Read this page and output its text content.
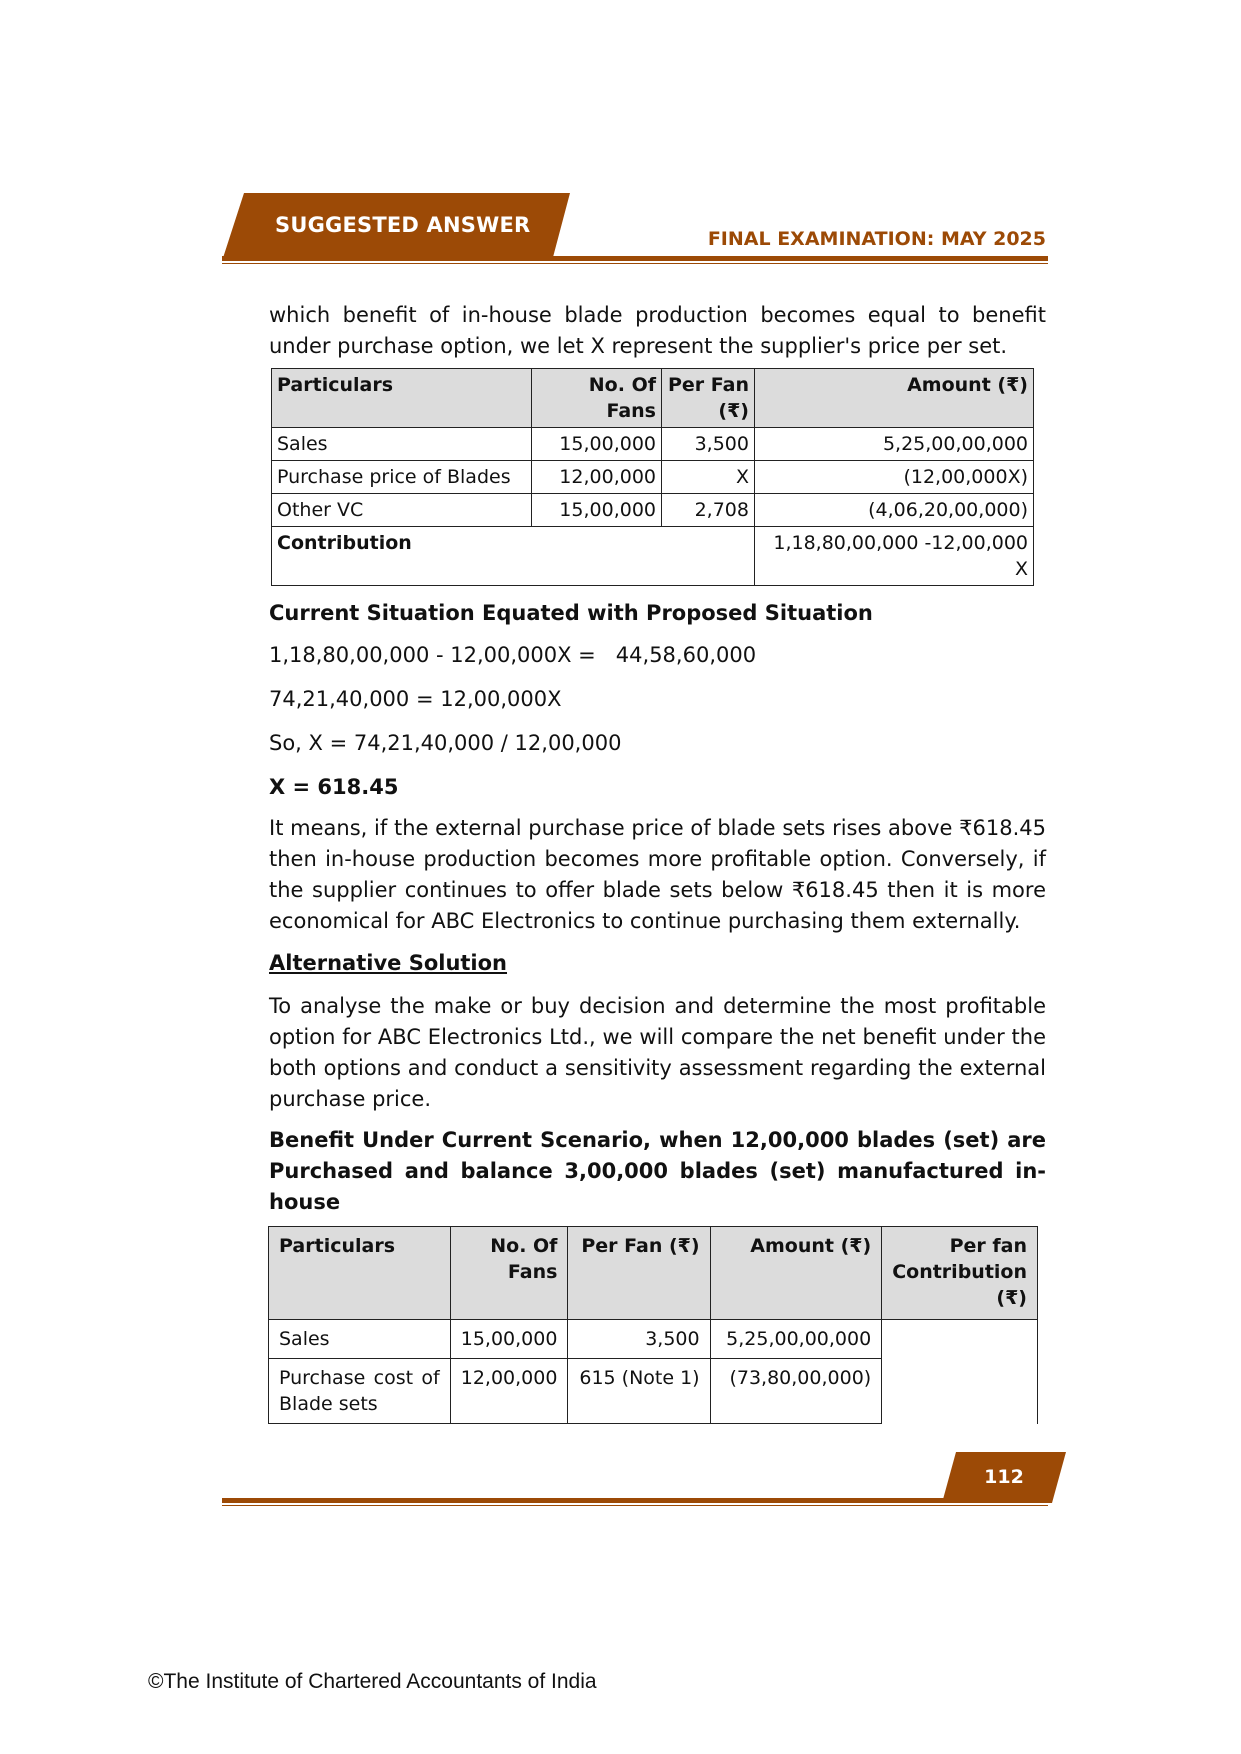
SUGGESTED ANSWER
FINAL EXAMINATION: MAY 2025

which benefit of in-house blade production becomes equal to benefit under purchase option, we let X represent the supplier's price per set.

Particulars	No. Of Fans	Per Fan (₹)	Amount (₹)
Sales	15,00,000	3,500	5,25,00,00,000
Purchase price of Blades	12,00,000	X	(12,00,000X)
Other VC	15,00,000	2,708	(4,06,20,00,000)
Contribution			1,18,80,00,000 -12,00,000 X

Current Situation Equated with Proposed Situation

1,18,80,00,000 - 12,00,000X =   44,58,60,000

74,21,40,000 = 12,00,000X

So, X = 74,21,40,000 / 12,00,000

X = 618.45

It means, if the external purchase price of blade sets rises above ₹618.45 then in-house production becomes more profitable option. Conversely, if the supplier continues to offer blade sets below ₹618.45 then it is more economical for ABC Electronics to continue purchasing them externally.

Alternative Solution

To analyse the make or buy decision and determine the most profitable option for ABC Electronics Ltd., we will compare the net benefit under the both options and conduct a sensitivity assessment regarding the external purchase price.

Benefit Under Current Scenario, when 12,00,000 blades (set) are Purchased and balance 3,00,000 blades (set) manufactured in-house

Particulars	No. Of Fans	Per Fan (₹)	Amount (₹)	Per fan Contribution (₹)
Sales	15,00,000	3,500	5,25,00,00,000	
Purchase cost of Blade sets	12,00,000	615 (Note 1)	(73,80,00,000)	
112
©The Institute of Chartered Accountants of India
